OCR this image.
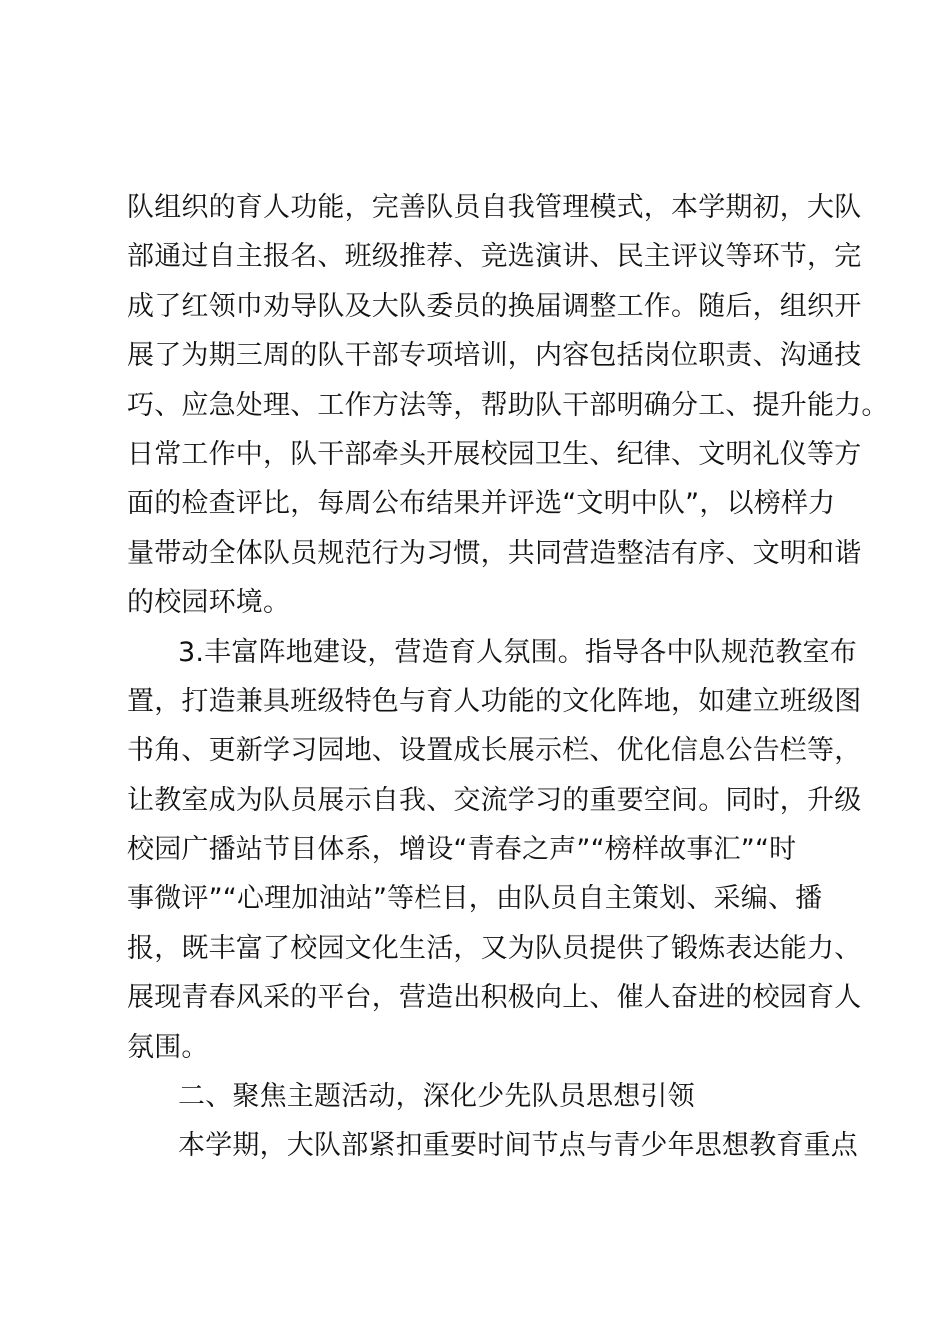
队组织的育人功能，完善队员自我管理模式，本学期初，大队
部通过自主报名、班级推荐、竞选演讲、民主评议等环节，完
成了红领巾劝导队及大队委员的换届调整工作。随后，组织开
展了为期三周的队干部专项培训，内容包括岗位职责、沟通技
巧、应急处理、工作方法等，帮助队干部明确分工、提升能力。
日常工作中，队干部牵头开展校园卫生、纪律、文明礼仪等方
面的检查评比，每周公布结果并评选“文明中队”，以榜样力
量带动全体队员规范行为习惯，共同营造整洁有序、文明和谐
的校园环境。
3.丰富阵地建设，营造育人氛围。指导各中队规范教室布
置，打造兼具班级特色与育人功能的文化阵地，如建立班级图
书角、更新学习园地、设置成长展示栏、优化信息公告栏等，
让教室成为队员展示自我、交流学习的重要空间。同时，升级
校园广播站节目体系，增设“青春之声”“榜样故事汇”“时
事微评”“心理加油站”等栏目，由队员自主策划、采编、播
报，既丰富了校园文化生活，又为队员提供了锻炼表达能力、
展现青春风采的平台，营造出积极向上、催人奋进的校园育人
氛围。
二、聚焦主题活动，深化少先队员思想引领
本学期，大队部紧扣重要时间节点与青少年思想教育重点
